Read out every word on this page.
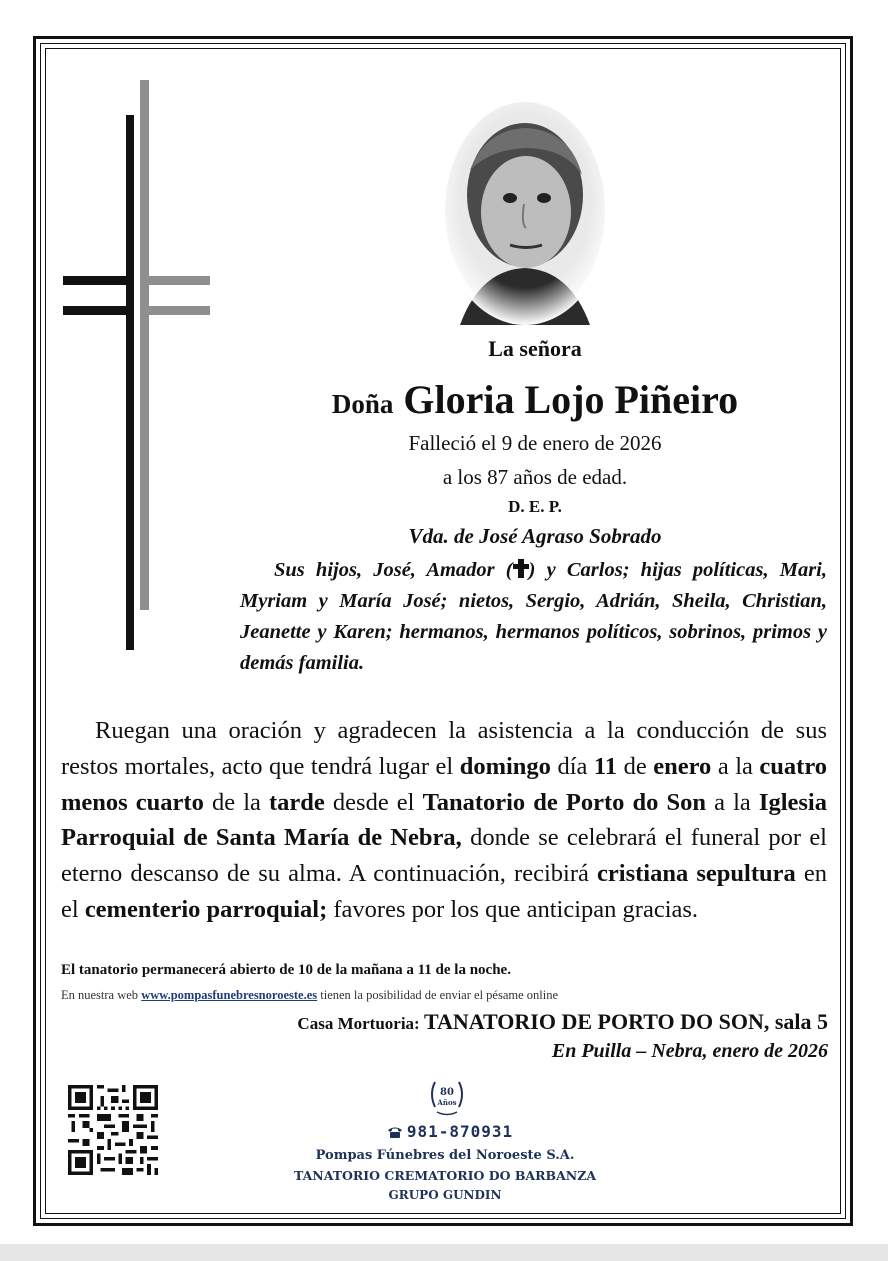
La señora
Doña Gloria Lojo Piñeiro
Falleció el 9 de enero de 2026
a los 87 años de edad.
D. E. P.
Vda. de José Agraso Sobrado
Sus hijos, José, Amador ( ) y Carlos; hijas políticas, Mari, Myriam y María José; nietos, Sergio, Adrián, Sheila, Christian, Jeanette y Karen; hermanos, hermanos políticos, sobrinos, primos y demás familia.
Ruegan una oración y agradecen la asistencia a la conducción de sus restos mortales, acto que tendrá lugar el domingo día 11 de enero a la cuatro menos cuarto de la tarde desde el Tanatorio de Porto do Son a la Iglesia Parroquial de Santa María de Nebra, donde se celebrará el funeral por el eterno descanso de su alma. A continuación, recibirá cristiana sepultura en el cementerio parroquial; favores por los que anticipan gracias.
El tanatorio permanecerá abierto de 10 de la mañana a 11 de la noche.
En nuestra web www.pompasfunebresnoroeste.es tienen la posibilidad de enviar el pésame online
Casa Mortuoria: TANATORIO DE PORTO DO SON, sala 5
En Puilla – Nebra, enero de 2026
80
Años
981-870931
Pompas Fúnebres del Noroeste S.A.
TANATORIO CREMATORIO DO BARBANZA
GRUPO GUNDIN
